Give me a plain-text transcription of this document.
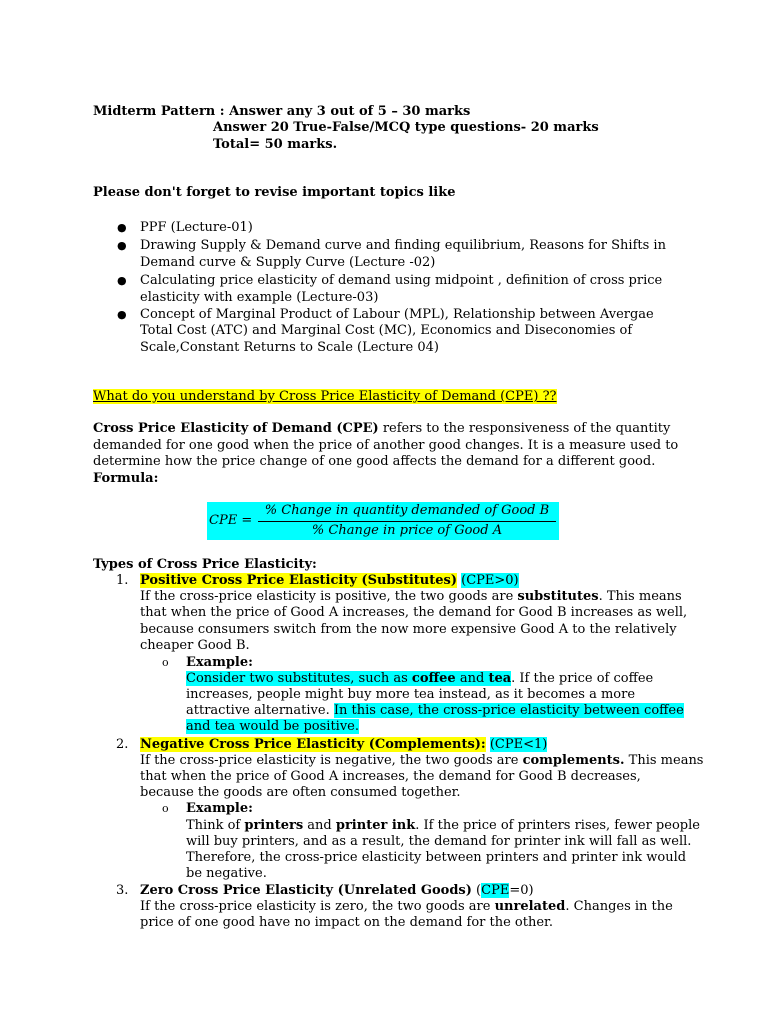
Midterm Pattern : Answer any 3 out of 5 – 30 marks
Answer 20 True-False/MCQ type questions- 20 marks
Total= 50 marks.
Please don't forget to revise important topics like
● PPF (Lecture-01)
● Drawing Supply & Demand curve and finding equilibrium, Reasons for Shifts in
Demand curve & Supply Curve (Lecture -02)
● Calculating price elasticity of demand using midpoint , definition of cross price
elasticity with example (Lecture-03)
● Concept of Marginal Product of Labour (MPL), Relationship between Avergae
Total Cost (ATC) and Marginal Cost (MC), Economics and Diseconomies of
Scale,Constant Returns to Scale (Lecture 04)
What do you understand by Cross Price Elasticity of Demand (CPE) ??
Cross Price Elasticity of Demand (CPE) refers to the responsiveness of the quantity
demanded for one good when the price of another good changes. It is a measure used to
determine how the price change of one good affects the demand for a different good.
Formula:
CPE =
% Change in quantity demanded of Good B
% Change in price of Good A
Types of Cross Price Elasticity:
1. Positive Cross Price Elasticity (Substitutes) (CPE>0)
If the cross-price elasticity is positive, the two goods are substitutes. This means
that when the price of Good A increases, the demand for Good B increases as well,
because consumers switch from the now more expensive Good A to the relatively
cheaper Good B.
o Example:
Consider two substitutes, such as coffee and tea. If the price of coffee
increases, people might buy more tea instead, as it becomes a more
attractive alternative. In this case, the cross-price elasticity between coffee
and tea would be positive.
2. Negative Cross Price Elasticity (Complements): (CPE<1)
If the cross-price elasticity is negative, the two goods are complements. This means
that when the price of Good A increases, the demand for Good B decreases,
because the goods are often consumed together.
o Example:
Think of printers and printer ink. If the price of printers rises, fewer people
will buy printers, and as a result, the demand for printer ink will fall as well.
Therefore, the cross-price elasticity between printers and printer ink would
be negative.
3. Zero Cross Price Elasticity (Unrelated Goods) (CPE=0)
If the cross-price elasticity is zero, the two goods are unrelated. Changes in the
price of one good have no impact on the demand for the other.
